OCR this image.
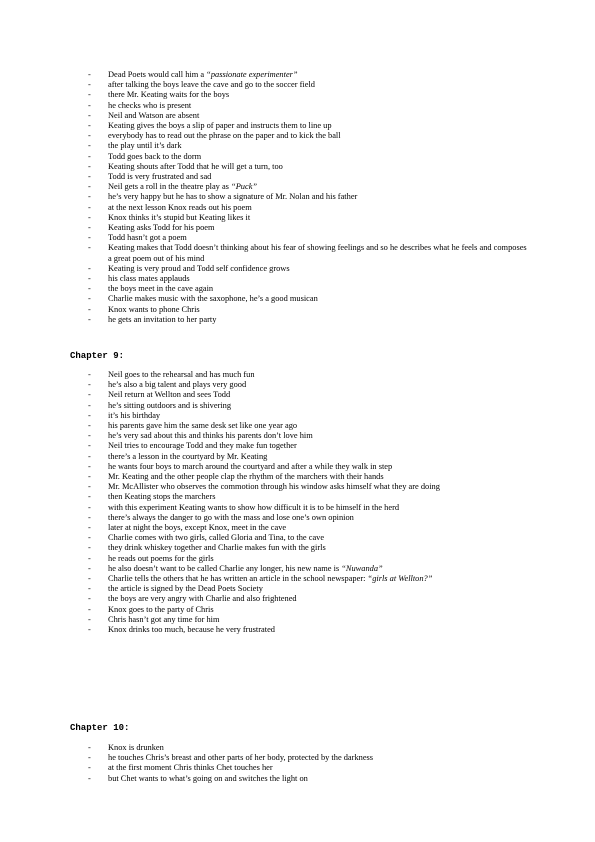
-	Dead Poets would call him a “passionate experimenter”
-	after talking the boys leave the cave and go to the soccer field
-	there Mr. Keating waits for the boys
-	he checks who is present
-	Neil and Watson are absent
-	Keating gives the boys a slip of paper and instructs them to line up
-	everybody has to read out the phrase on the paper and to kick the ball
-	the play until it’s dark
-	Todd goes back to the dorm
-	Keating shouts after Todd that he will get a turn, too
-	Todd is very frustrated and sad
-	Neil gets a roll in the theatre play as “Puck”
-	he’s very happy but he has to show a signature of Mr. Nolan and his father
-	at the next lesson Knox reads out his poem
-	Knox thinks it’s stupid but Keating likes it
-	Keating asks Todd for his poem
-	Todd hasn’t got a poem
-	Keating makes that Todd doesn’t thinking about his fear of showing feelings and so he describes what he feels and composes a great poem out of his mind
-	Keating is very proud and Todd self confidence grows
-	his class mates applauds
-	the boys meet in the cave again
-	Charlie makes music with the saxophone, he’s a good musican
-	Knox wants to phone Chris
-	he gets an invitation to her party
Chapter 9:
-	Neil goes to the rehearsal and has much fun
-	he’s also a big talent and plays very good
-	Neil return at Wellton and sees Todd
-	he’s sitting outdoors and is shivering
-	it’s his birthday
-	his parents gave him the same desk set like one year ago
-	he’s very sad about this and thinks his parents don’t love him
-	Neil tries to encourage Todd and they make fun together
-	there’s a lesson in the courtyard by Mr. Keating
-	he wants four boys to march around the courtyard and after a while they walk in step
-	Mr. Keating and the other people clap the rhythm of the marchers with their hands
-	Mr. McAllister who observes the commotion through his window asks himself what they are doing
-	then Keating stops the marchers
-	with this experiment Keating wants to show how difficult it is to be himself in the herd
-	there’s always the danger to go with the mass and lose one’s own opinion
-	later at night the boys, except Knox, meet in the cave
-	Charlie comes with two girls, called Gloria and Tina, to the cave
-	they drink whiskey together and Charlie makes fun with the girls
-	he reads out poems for the girls
-	he also doesn’t want to be called Charlie any longer, his new name is “Nuwanda”
-	Charlie tells the others that he has written an article in the school newspaper: “girls at Wellton?”
-	the article is signed by the Dead Poets Society
-	the boys are very angry with Charlie and also frightened
-	Knox goes to the party of Chris
-	Chris hasn’t got any time for him
-	Knox drinks too much, because he very frustrated
Chapter 10:
-	Knox is drunken
-	he touches Chris’s breast and other parts of her body, protected by the darkness
-	at the first moment Chris thinks Chet touches her
-	but Chet wants to what’s going on and switches the light on
